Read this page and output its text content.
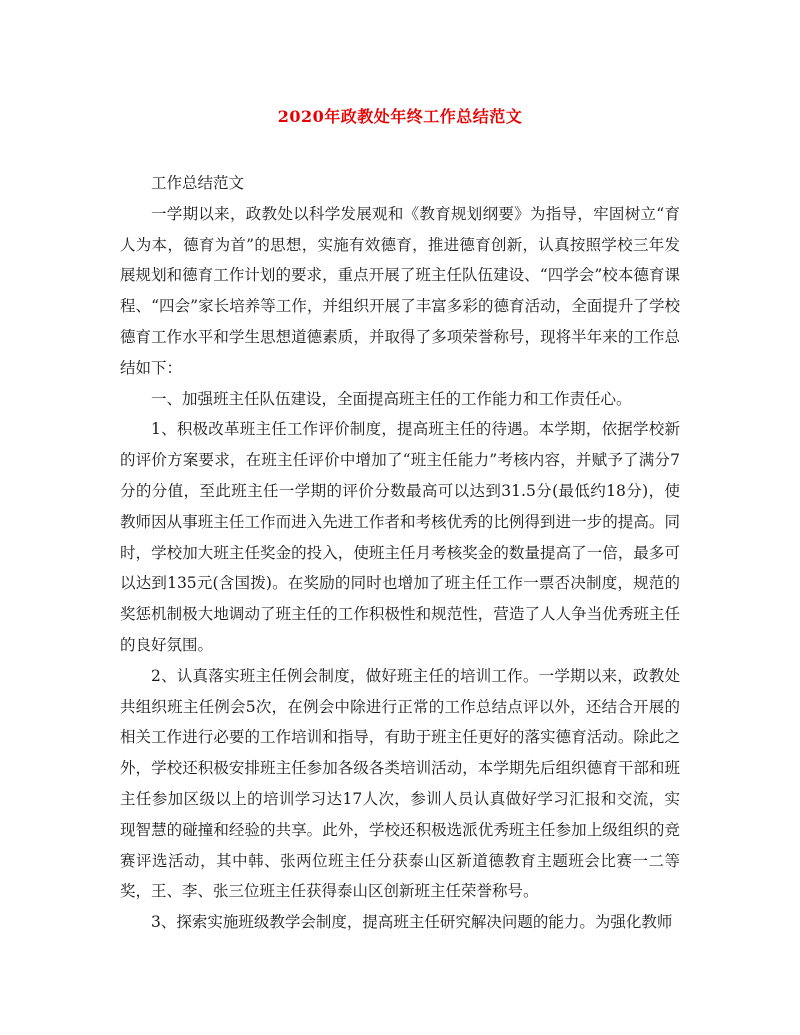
2020年政教处年终工作总结范文

工作总结范文

一学期以来，政教处以科学发展观和《教育规划纲要》为指导，牢固树立“育人为本，德育为首”的思想，实施有效德育，推进德育创新，认真按照学校三年发展规划和德育工作计划的要求，重点开展了班主任队伍建设、“四学会”校本德育课程、“四会”家长培养等工作，并组织开展了丰富多彩的德育活动，全面提升了学校德育工作水平和学生思想道德素质，并取得了多项荣誉称号，现将半年来的工作总结如下：

一、加强班主任队伍建设，全面提高班主任的工作能力和工作责任心。

1、积极改革班主任工作评价制度，提高班主任的待遇。本学期，依据学校新的评价方案要求，在班主任评价中增加了“班主任能力”考核内容，并赋予了满分7分的分值，至此班主任一学期的评价分数最高可以达到31.5分(最低约18分)，使教师因从事班主任工作而进入先进工作者和考核优秀的比例得到进一步的提高。同时，学校加大班主任奖金的投入，使班主任月考核奖金的数量提高了一倍，最多可以达到135元(含国拨)。在奖励的同时也增加了班主任工作一票否决制度，规范的奖惩机制极大地调动了班主任的工作积极性和规范性，营造了人人争当优秀班主任的良好氛围。

2、认真落实班主任例会制度，做好班主任的培训工作。一学期以来，政教处共组织班主任例会5次，在例会中除进行正常的工作总结点评以外，还结合开展的相关工作进行必要的工作培训和指导，有助于班主任更好的落实德育活动。除此之外，学校还积极安排班主任参加各级各类培训活动，本学期先后组织德育干部和班主任参加区级以上的培训学习达17人次，参训人员认真做好学习汇报和交流，实现智慧的碰撞和经验的共享。此外，学校还积极选派优秀班主任参加上级组织的竞赛评选活动，其中韩、张两位班主任分获泰山区新道德教育主题班会比赛一二等奖，王、李、张三位班主任获得泰山区创新班主任荣誉称号。

3、探索实施班级教学会制度，提高班主任研究解决问题的能力。为强化教师
